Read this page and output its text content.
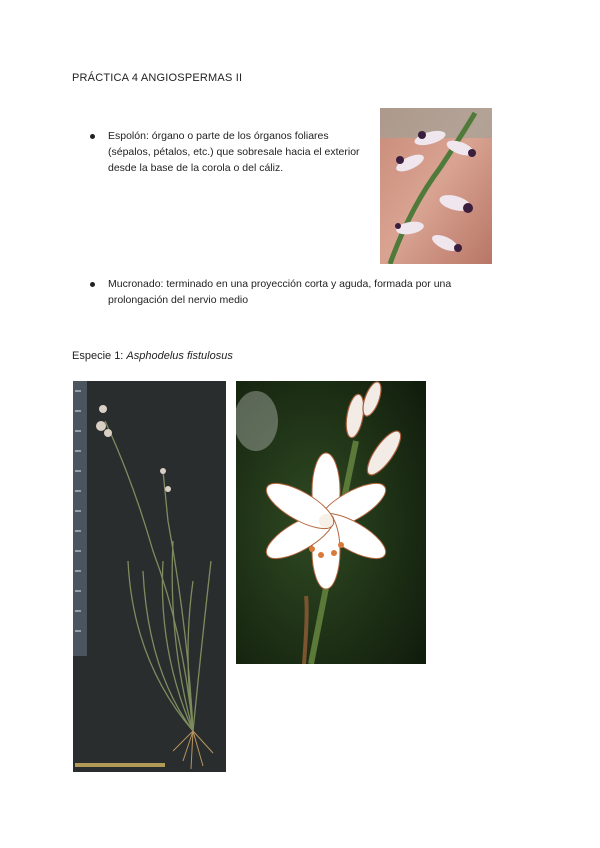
PRÁCTICA 4 ANGIOSPERMAS II
Espolón: órgano o parte de los órganos foliares (sépalos, pétalos, etc.) que sobresale hacia el exterior desde la base de la corola o del cáliz.
Mucronado: terminado en una proyección corta y aguda, formada por una prolongación del nervio medio
Especie 1: Asphodelus fistulosus
